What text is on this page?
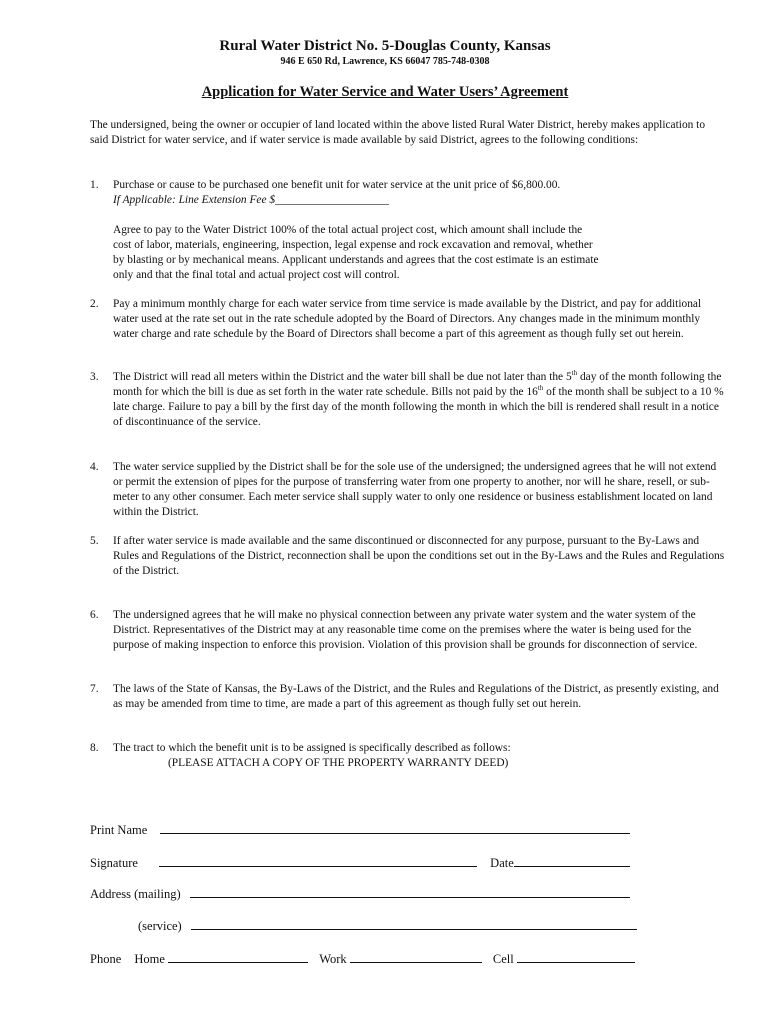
Rural Water District No. 5-Douglas County, Kansas
946 E 650 Rd, Lawrence, KS 66047 785-748-0308
Application for Water Service and Water Users’ Agreement
The undersigned, being the owner or occupier of land located within the above listed Rural Water District, hereby makes application to said District for water service, and if water service is made available by said District, agrees to the following conditions:
1. Purchase or cause to be purchased one benefit unit for water service at the unit price of $6,800.00.
If Applicable: Line Extension Fee $____________________
Agree to pay to the Water District 100% of the total actual project cost, which amount shall include the cost of labor, materials, engineering, inspection, legal expense and rock excavation and removal, whether by blasting or by mechanical means. Applicant understands and agrees that the cost estimate is an estimate only and that the final total and actual project cost will control.
2. Pay a minimum monthly charge for each water service from time service is made available by the District, and pay for additional water used at the rate set out in the rate schedule adopted by the Board of Directors. Any changes made in the minimum monthly water charge and rate schedule by the Board of Directors shall become a part of this agreement as though fully set out herein.
3. The District will read all meters within the District and the water bill shall be due not later than the 5th day of the month following the month for which the bill is due as set forth in the water rate schedule. Bills not paid by the 16th of the month shall be subject to a 10 % late charge. Failure to pay a bill by the first day of the month following the month in which the bill is rendered shall result in a notice of discontinuance of the service.
4. The water service supplied by the District shall be for the sole use of the undersigned; the undersigned agrees that he will not extend or permit the extension of pipes for the purpose of transferring water from one property to another, nor will he share, resell, or sub-meter to any other consumer. Each meter service shall supply water to only one residence or business establishment located on land within the District.
5. If after water service is made available and the same discontinued or disconnected for any purpose, pursuant to the By-Laws and Rules and Regulations of the District, reconnection shall be upon the conditions set out in the By-Laws and the Rules and Regulations of the District.
6. The undersigned agrees that he will make no physical connection between any private water system and the water system of the District. Representatives of the District may at any reasonable time come on the premises where the water is being used for the purpose of making inspection to enforce this provision. Violation of this provision shall be grounds for disconnection of service.
7. The laws of the State of Kansas, the By-Laws of the District, and the Rules and Regulations of the District, as presently existing, and as may be amended from time to time, are made a part of this agreement as though fully set out herein.
8. The tract to which the benefit unit is to be assigned is specifically described as follows:
(PLEASE ATTACH A COPY OF THE PROPERTY WARRANTY DEED)
Print Name
Signature	Date
Address (mailing)
(service)
Phone Home	Work	Cell
